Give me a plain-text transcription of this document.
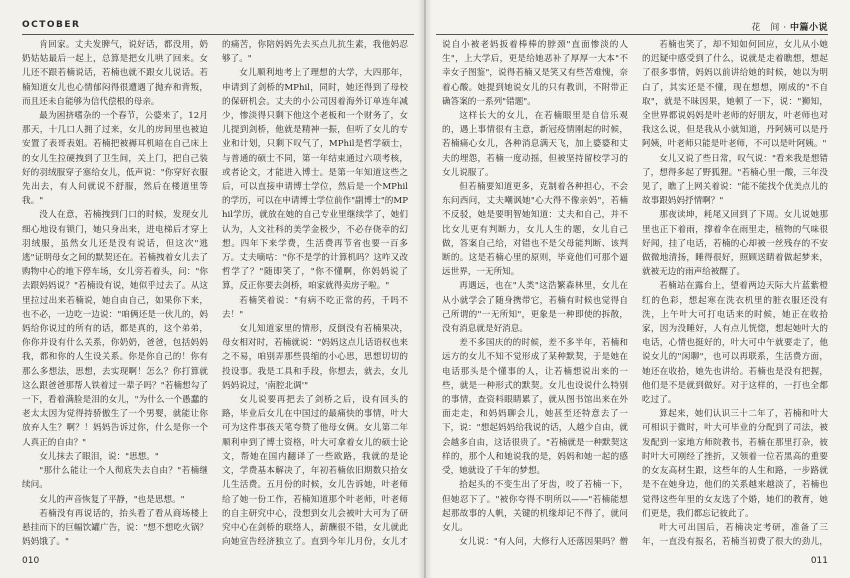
OCTOBER

肯回家。丈夫发脾气，说好话，都没用，奶奶姑姑最后一起上，总算是把女儿哄了回来。女儿还不跟若楠说话，若楠也就不跟女儿说话。若楠知道女儿也心情郁闷得很遭遇了抛弃和背叛，而且还未自能够为信代偿根的母亲。

最为困挤嗜杂的一个春节，公婆来了，12月那天，十几口人拥了过来，女儿的房间里也被迫安置了表哥表姐。若楠把被褥耳机暗在自己床上的女儿生拉硬拽到了卫生间，关上门，把自己装好的羽绒服穿子塞给女儿，低声说："你穿好衣服先出去，有人问就说不舒服，然后在楼道里等我。"

没人在意，若楠拽到门口的时候，发现女儿细心地设有锁门，她只身出来，进电梯后才穿上羽绒服，虽然女儿还是没有说话，但这次"逃逃"证明母女之间的默契还在。若楠拽着女儿去了购物中心的地下停车场，女儿旁若着头，问："你去跟妈妈说？"若楠设有说，她似乎过去了。从这里拉过出来若楠说，她自由自己，如果你下来，也不必，一边吃一边说："咱俩还是一伙儿的，妈妈给你说过的所有的话，都是真的，这个弟弟，你你并设有什么关系，你奶奶，爸爸，包括妈妈我，都和你的人生设关系。你是你自己的！你有那么多想法，思想，去实现啊！怎么？你打算就这么跟爸爸那帮人铁着过一辈子吗？"若楠想勾了一下，看着满脸是泪的女儿，"为什么一个愚蠢的老太太因为觉得持骄傲生了一个男婴，就能让你放弃人生？啊？！妈妈告诉过你，什么是你一个人真正的自由？"

女儿抹去了眼泪，说："思想。"

"那什么能让一个人彻底失去自由？"若楠继续问。

女儿的声音恢复了平静，"也是思想。"

若楠没有再说话的，抬头看了看从商场楼上悬挂而下的巨幅饮罐广告，说："想不想吃火锅？妈妈饿了。"

的痛苦，你陪妈妈先去买点儿抗生素，我他妈忍够了。"

女儿顺利地考上了理想的大学，大四那年，申请到了剑桥的MPhil，同时，她还得到了母校的保研机会。丈夫的小公司因着海外订单连年减少，惨淡得只剩下他这个老板和一个财务了，女儿提到剑桥，他就是精神一振，但听了女儿的专业和计划，只剩下叹气了，MPhil是哲学硕士，与普通的硕士不同，第一年结束通过六项考核，或者论文，才能进入博士。是第一年知道这些之后，可以直接申请博士学位，然后是一个MPhil的学历，可以在申请博士学位前作"副博士"的MPhil学历，就放在她的自己专业里继续学了，她们认为，人文社科的美学金极少，不必存侥幸的幻想。四年下来学费，生活费再节省也要一百多万。丈夫嘀咕："你不是学的计算机吗？这咋又改哲学了？"随即笑了，"你不懂啊，你妈妈说了算，反正你要去剑桥，咱家就得卖房子啦。"

若楠笑着说："有病不吃正常的药，千吗不去！"

女儿知道家里的情形，反倒没有若楠果决，母女相对时，若楠就说："妈妈这点儿话语权也来之不易，咱别弄那些畏缩的小心思，思想切切的投设事。我是工具和手段，你想去，就去，女儿妈妈说过，'南腔北调'"

女儿说要再把去了剑桥之后，设有回头的路，毕业后女儿在中国过的最痛快的事情，叶大可为这件事孩天笔夸赞了他母女俩。女儿第二年顺利申到了博士资格，叶大可拿着女儿的硕士论文，帮她在国内翻译了一些欧路，我就的是论文，学费基本解决了，年初若楠依旧期数只拾女儿生活费。五月份的时候，女儿告诉她，叶老师给了她一份工作，若楠知道那个叶老师，叶老师的自主研究中心，没想到女儿会被叶大可为了研究中心在剑桥的联络人，薪酬很不错，女儿就此向她宣告经济独立了。直到今年儿月份，女儿才

010
花　间 · 中篇小说

说自小被老妈扳着棒棒的脖颈"直面惨淡的人生"，上大学后，更是给她恶补了厚厚一大本"不幸女子图鉴"，说得若楠又是笑又有些苦难愧，奈着心酸。她提到她说女儿的只有教训，不附带正确答案的一系列"错题"。

这样长大的女儿，在若楠眼里是自信乐观的，遇上事情很有主意，新冠疫情刚起的时候，若楠痛心女儿，各种消息满天飞，加上婆婆和丈夫的埋怨，若楠一度动摇，但被坚持留校学习的女儿说服了。

但若楠要知道更多，克制着各种担心，不会东问西问，丈夫嘲讽她"心大得不像亲妈"，若楠不反驳，她是要明智她知道：丈夫和自己，并不比女儿更有判断力，女儿人生的题，女儿自己做，答案自己给，对错也不是父母能判断、该判断的。这是若楠心里的原则，毕竟他们可那个逼远世界，一无所知。

再遇远，也在"人类"这浩繁森林里，女儿在从小就学会了随身携带它，若楠有时候也觉得自己所谓的"一无所知"，更象是一种即使的拆散，没有消息就是好消息。

差不多国庆的的时候，差不多半年，若楠和远方的女儿不知不觉形成了某种默契，于是她在电话那头是个懂事的人，让若楠想说出来的一些，就是一种形式的默契。女儿也设说什么特别的事情，查资料眼睛累了，就从图书馆出来在外面走走，和妈妈聊会儿，她甚至还特意去了一下，说："想起妈妈给我说的话，人越少自由，就会越多自由，这话很贵了。"若楠就是一种默契这样的，那个人和她说我的是，妈妈和她一起的感受，她就设了千年的梦想。

拾起头的不变生出了牙齿，咬了若楠一下，但她忍下了。"被你夸得不明所以——"若楠能想起那故事的人帆，关键的机缘却记不得了，就问女儿。

女儿说："有人问，大修行人还落因果吗？僧

若楠也笑了，却不知如何回应，女儿从小她的迟疑中感受到了什么，说就是走着瞧想，想起了很多事情，妈妈以前讲给她的时候，她以为明白了，其实还是不懂，现在想想，刚成的"不自取"，就是不昧因果，她顿了一下，说："狮知，全世界都说妈妈是叶老师的好朋友，叶老师也对我这么说，但是我从小就知道，丹阿姨可以是丹阿姨，叶老师只能是叶老师，不可以是叶阿姨。"

女儿又说了些日常，叹气说："看来我是想错了，想得多起了野狐狸。"若楠心里一酸，三年没见了，瞧了上网关着说："能不能找个优美点儿的故事跟妈妈抒情啊？"

那夜读坤，耗尾又回到了下周。女儿说她那里也正下着雨，撑着伞在雨里走，植物的气味很好闻，挂了电话，若楠的心却被一丝残存的不安做微地清扬，睡得很好，照顾送睛着做起梦来，就被无边的雨声给被醒了。

若楠站在露台上，望着两边天际大片蓝紫橙红的色彩，想起寒在洗衣机里的脏衣服还没有洗，上午叶大可打电话来的时候，她正在收拾家，因为没睡好，人有点儿恍惚，想起她叶大的电话，心情也挺好的，叶大可中午就要走了，他说女儿的"闲聊"，也可以再联系，生活费方面，她还在收拾，她先也讲给。若楠也是没有把握，他们是不是就到做好。对于这样的，一打也全都吃过了。

算起来，她们认识三十二年了，若楠和叶大可相识于微时，叶大可毕业的分配到了司法，被发配到一家地方师院教书，若楠在那里打杂，彼时叶大可刚经了挫折，又领着一位若黑高的重要的女友高材生跟，这些年的人生和路，一步路就是不在她身边，他们的关系越来越淡了，若楠也觉得这些年里的女友选了个婚，她们的教育，她们更是，我们都忘记彼此了。

叶大可出国后，若楠决定考研，准备了三年，一直没有报名，若楠当初费了很大的劲儿，

011
